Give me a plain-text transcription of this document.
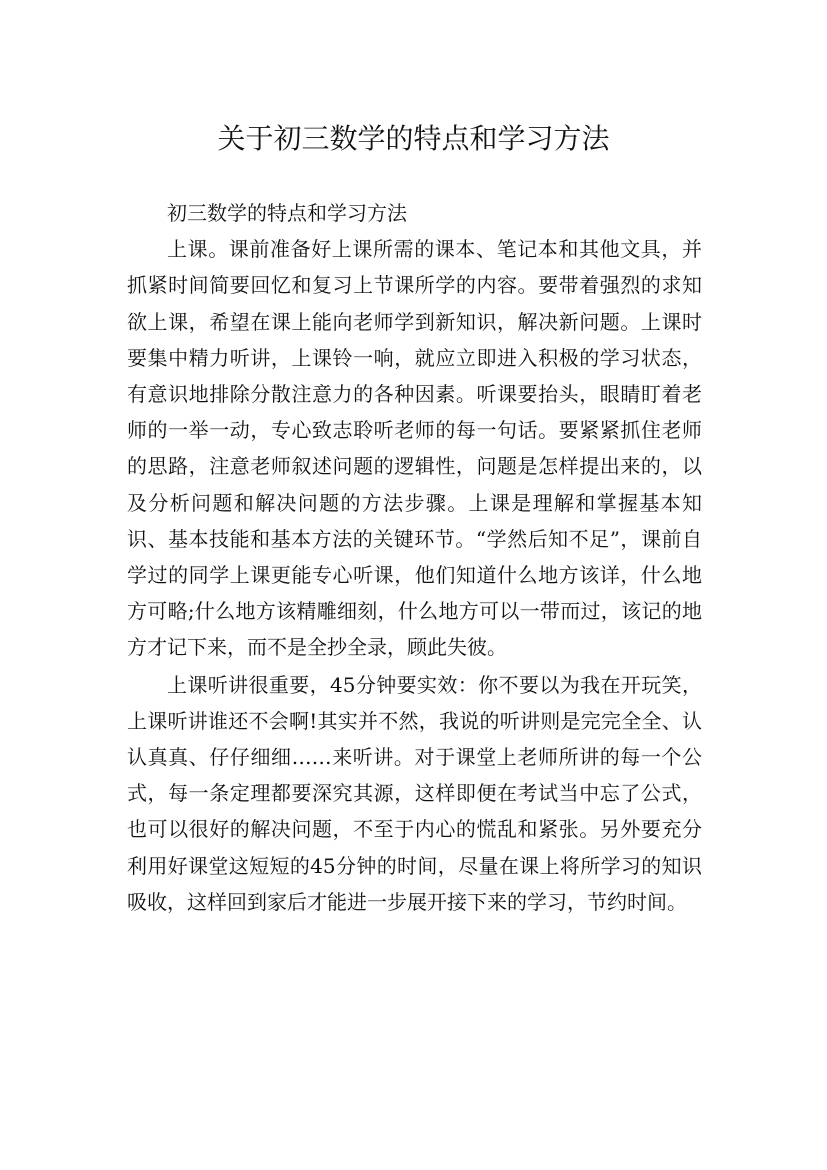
关于初三数学的特点和学习方法

初三数学的特点和学习方法

上课。课前准备好上课所需的课本、笔记本和其他文具，并抓紧时间简要回忆和复习上节课所学的内容。要带着强烈的求知欲上课，希望在课上能向老师学到新知识，解决新问题。上课时要集中精力听讲，上课铃一响，就应立即进入积极的学习状态，有意识地排除分散注意力的各种因素。听课要抬头，眼睛盯着老师的一举一动，专心致志聆听老师的每一句话。要紧紧抓住老师的思路，注意老师叙述问题的逻辑性，问题是怎样提出来的，以及分析问题和解决问题的方法步骤。上课是理解和掌握基本知识、基本技能和基本方法的关键环节。“学然后知不足”，课前自学过的同学上课更能专心听课，他们知道什么地方该详，什么地方可略;什么地方该精雕细刻，什么地方可以一带而过，该记的地方才记下来，而不是全抄全录，顾此失彼。

上课听讲很重要，45分钟要实效：你不要以为我在开玩笑，上课听讲谁还不会啊!其实并不然，我说的听讲则是完完全全、认认真真、仔仔细细……来听讲。对于课堂上老师所讲的每一个公式，每一条定理都要深究其源，这样即便在考试当中忘了公式，也可以很好的解决问题，不至于内心的慌乱和紧张。另外要充分利用好课堂这短短的45分钟的时间，尽量在课上将所学习的知识吸收，这样回到家后才能进一步展开接下来的学习，节约时间。
